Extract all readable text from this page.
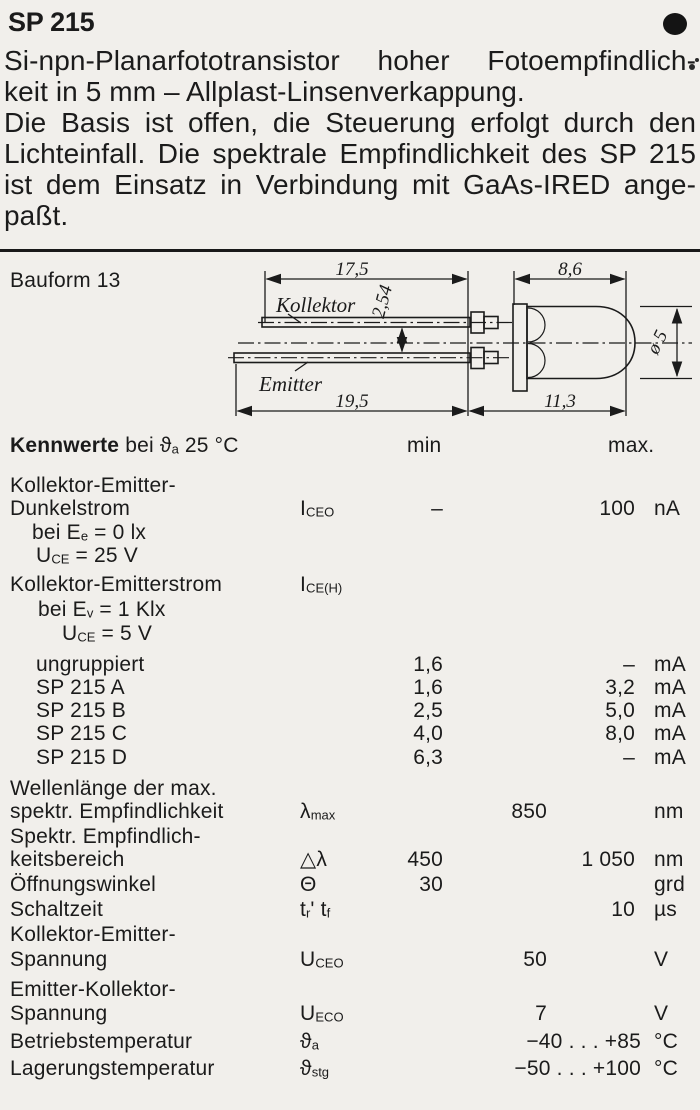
SP 215
Si-npn-Planarfototransistor hoher Fotoempfindlich-
keit in 5 mm – Allplast-Linsenverkappung.
Die Basis ist offen, die Steuerung erfolgt durch den
Lichteinfall. Die spektrale Empfindlichkeit des SP 215
ist dem Einsatz in Verbindung mit GaAs-IRED ange-
paßt.
Bauform 13	17,5	8,6
19,5	11,3
2,54
ø 5
Kollektor
Emitter
Kennwerte bei $ϑ_a$ 25 °C	min	max.
Kollektor-Emitter-
Dunkelstrom	$I_{CEO}$	–	100 nA
bei $E_e = 0$ lx
$U_{CE} = 25$ V
Kollektor-Emitterstrom	$I_{CE(H)}$
bei $E_v = 1$ Klx
$U_{CE} = 5$ V
ungruppiert	1,6	– mA
SP 215 A	1,6	3,2 mA
SP 215 B	2,5	5,0 mA
SP 215 C	4,0	8,0 mA
SP 215 D	6,3	– mA
Wellenlänge der max.
spektr. Empfindlichkeit	$\lambda_{max}$	850	nm
Spektr. Empfindlich-
keitsbereich	△λ	450	1 050 nm
Öffnungswinkel	Θ	30	grd
Schaltzeit	$t_r'$ $t_f$	10 µs
Kollektor-Emitter-
Spannung	$U_{CEO}$	50	V
Emitter-Kollektor-
Spannung	$U_{ECO}$	7	V
Betriebstemperatur	$ϑ_a$	−40 . . . +85 °C
Lagerungstemperatur	$ϑ_{stg}$	−50 . . . +100 °C
